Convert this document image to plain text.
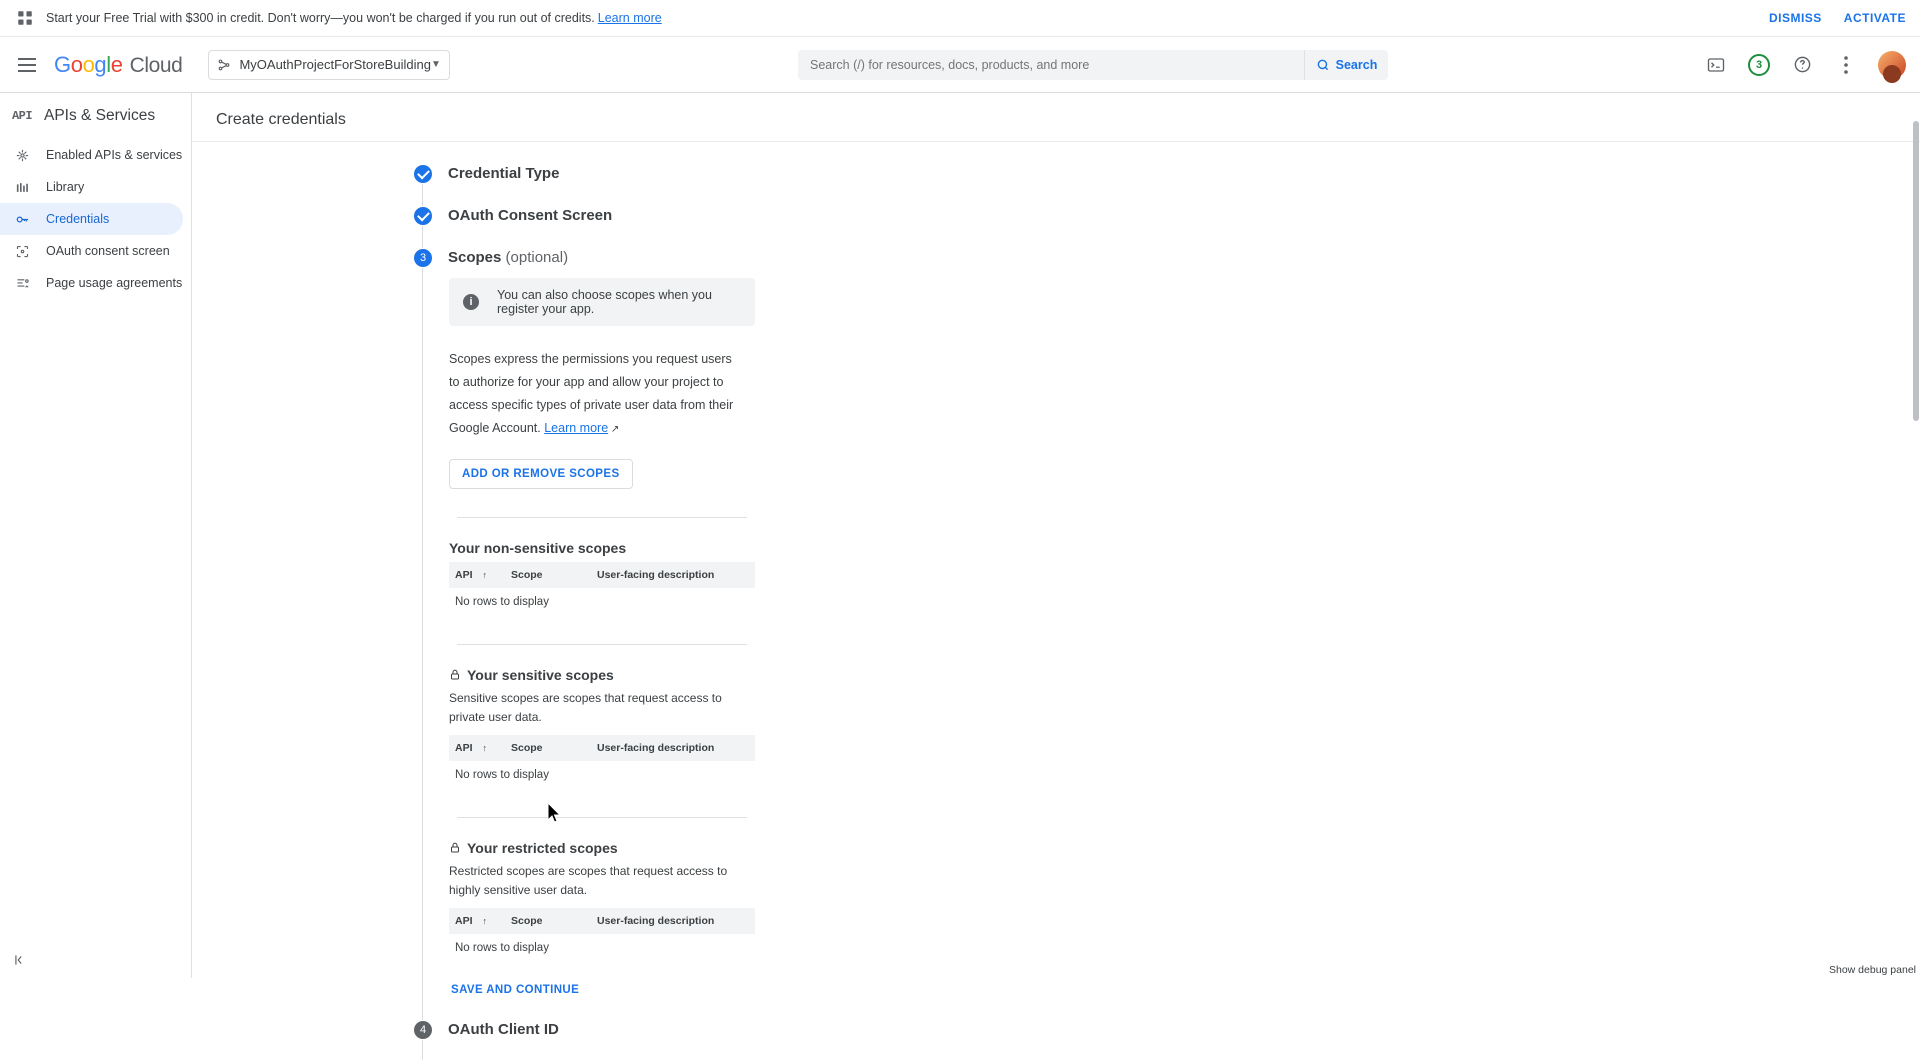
Start your Free Trial with $300 in credit. Don't worry—you won't be charged if you run out of credits. Learn more	DISMISS ACTIVATE
G o o g l e Cloud	MyOAuthProjectForStoreBuilding ▼
Search (/) for resources, docs, products, and more	Search	3
API APIs & Services
Enabled APIs & services
Library
Credentials
OAuth consent screen
Page usage agreements
Create credentials
Credential Type
OAuth Consent Screen
3	Scopes (optional)
i	You can also choose scopes when you register your app.
Scopes express the permissions you request users to authorize for your app and allow your project to access specific types of private user data from their Google Account. Learn more ↗
ADD OR REMOVE SCOPES
Your non-sensitive scopes
API ↑	Scope	User-facing description
No rows to display
Your sensitive scopes
Sensitive scopes are scopes that request access to private user data.
API ↑	Scope	User-facing description
No rows to display
Your restricted scopes
Restricted scopes are scopes that request access to highly sensitive user data.
API ↑	Scope	User-facing description
No rows to display
SAVE AND CONTINUE
4	OAuth Client ID
Show debug panel
